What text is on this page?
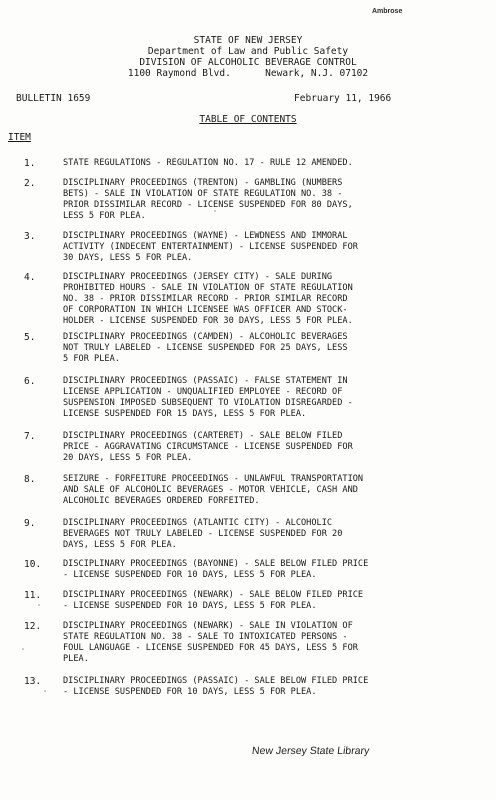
Ambrose
STATE OF NEW JERSEY
Department of Law and Public Safety
DIVISION OF ALCOHOLIC BEVERAGE CONTROL
1100 Raymond Blvd.      Newark, N.J. 07102
BULLETIN 1659	February 11, 1966
TABLE OF CONTENTS
ITEM
1.	STATE REGULATIONS - REGULATION NO. 17 - RULE 12 AMENDED.
2.	DISCIPLINARY PROCEEDINGS (TRENTON) - GAMBLING (NUMBERS
BETS) - SALE IN VIOLATION OF STATE REGULATION NO. 38 -
PRIOR DISSIMILAR RECORD - LICENSE SUSPENDED FOR 80 DAYS,
LESS 5 FOR PLEA.
3.	DISCIPLINARY PROCEEDINGS (WAYNE) - LEWDNESS AND IMMORAL
ACTIVITY (INDECENT ENTERTAINMENT) - LICENSE SUSPENDED FOR
30 DAYS, LESS 5 FOR PLEA.
4.	DISCIPLINARY PROCEEDINGS (JERSEY CITY) - SALE DURING
PROHIBITED HOURS - SALE IN VIOLATION OF STATE REGULATION
NO. 38 - PRIOR DISSIMILAR RECORD - PRIOR SIMILAR RECORD
OF CORPORATION IN WHICH LICENSEE WAS OFFICER AND STOCK-
HOLDER - LICENSE SUSPENDED FOR 30 DAYS, LESS 5 FOR PLEA.
5.	DISCIPLINARY PROCEEDINGS (CAMDEN) - ALCOHOLIC BEVERAGES
NOT TRULY LABELED - LICENSE SUSPENDED FOR 25 DAYS, LESS
5 FOR PLEA.
6.	DISCIPLINARY PROCEEDINGS (PASSAIC) - FALSE STATEMENT IN
LICENSE APPLICATION - UNQUALIFIED EMPLOYEE - RECORD OF
SUSPENSION IMPOSED SUBSEQUENT TO VIOLATION DISREGARDED -
LICENSE SUSPENDED FOR 15 DAYS, LESS 5 FOR PLEA.
7.	DISCIPLINARY PROCEEDINGS (CARTERET) - SALE BELOW FILED
PRICE - AGGRAVATING CIRCUMSTANCE - LICENSE SUSPENDED FOR
20 DAYS, LESS 5 FOR PLEA.
8.	SEIZURE - FORFEITURE PROCEEDINGS - UNLAWFUL TRANSPORTATION
AND SALE OF ALCOHOLIC BEVERAGES - MOTOR VEHICLE, CASH AND
ALCOHOLIC BEVERAGES ORDERED FORFEITED.
9.	DISCIPLINARY PROCEEDINGS (ATLANTIC CITY) - ALCOHOLIC
BEVERAGES NOT TRULY LABELED - LICENSE SUSPENDED FOR 20
DAYS, LESS 5 FOR PLEA.
10.	DISCIPLINARY PROCEEDINGS (BAYONNE) - SALE BELOW FILED PRICE
- LICENSE SUSPENDED FOR 10 DAYS, LESS 5 FOR PLEA.
11.	DISCIPLINARY PROCEEDINGS (NEWARK) - SALE BELOW FILED PRICE
- LICENSE SUSPENDED FOR 10 DAYS, LESS 5 FOR PLEA.
12.	DISCIPLINARY PROCEEDINGS (NEWARK) - SALE IN VIOLATION OF
STATE REGULATION NO. 38 - SALE TO INTOXICATED PERSONS -
FOUL LANGUAGE - LICENSE SUSPENDED FOR 45 DAYS, LESS 5 FOR
PLEA.
13.	DISCIPLINARY PROCEEDINGS (PASSAIC) - SALE BELOW FILED PRICE
- LICENSE SUSPENDED FOR 10 DAYS, LESS 5 FOR PLEA.
New Jersey State Library
